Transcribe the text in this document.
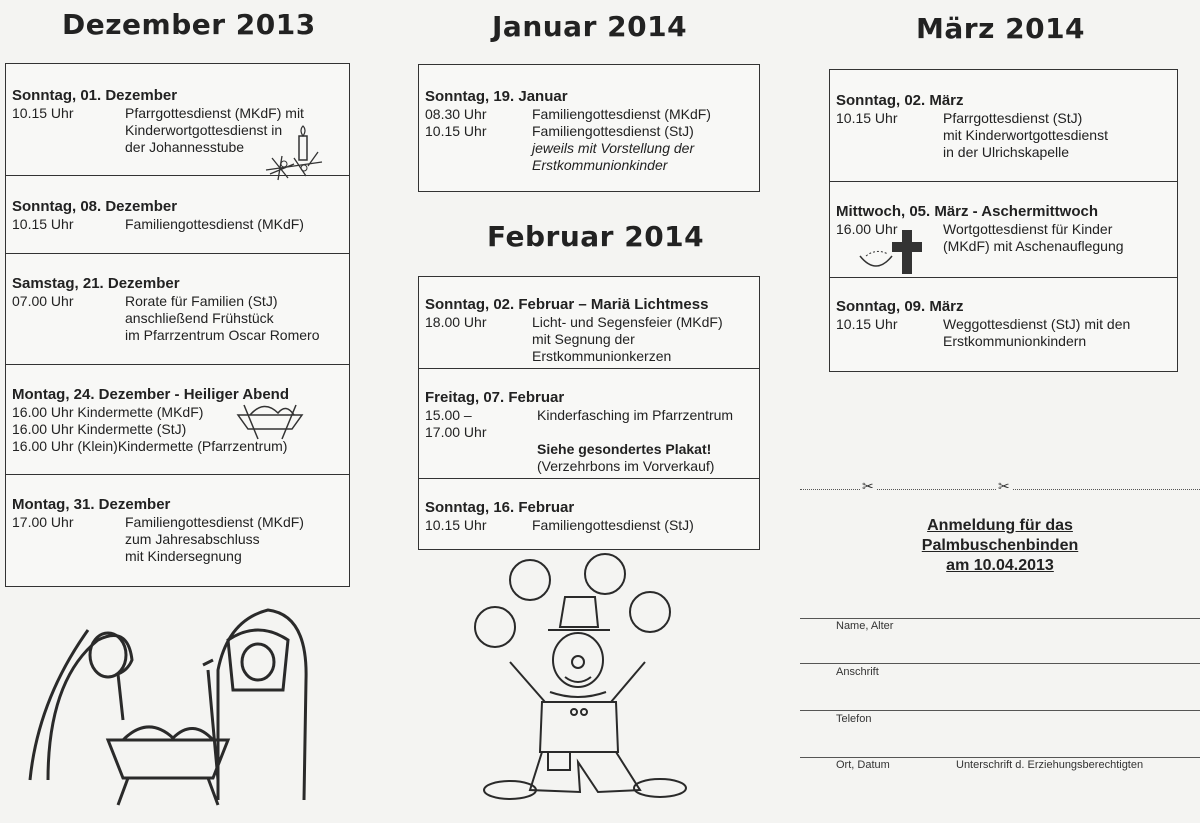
Dezember 2013	Januar 2014
Februar 2014
März 2014
Sonntag, 01. Dezember
10.15 Uhr	Pfarrgottesdienst (MKdF) mit
Kinderwortgottesdienst in
der Johannesstube
Sonntag, 08. Dezember
10.15 Uhr	Familiengottesdienst (MKdF)
Samstag, 21. Dezember
07.00 Uhr	Rorate für Familien (StJ)
anschließend Frühstück
im Pfarrzentrum Oscar Romero
Montag, 24. Dezember - Heiliger Abend
16.00 Uhr Kindermette (MKdF)
16.00 Uhr Kindermette (StJ)
16.00 Uhr (Klein)Kindermette (Pfarrzentrum)
Montag, 31. Dezember
17.00 Uhr	Familiengottesdienst (MKdF)
zum Jahresabschluss
mit Kindersegnung
Sonntag, 19. Januar
08.30 Uhr	Familiengottesdienst (MKdF)
10.15 Uhr	Familiengottesdienst (StJ)
jeweils mit Vorstellung der
Erstkommunionkinder
Sonntag, 02. Februar – Mariä Lichtmess
18.00 Uhr	Licht- und Segensfeier (MKdF)
mit Segnung der
Erstkommunionkerzen
Freitag, 07. Februar
15.00 –	Kinderfasching im Pfarrzentrum
17.00 Uhr
Siehe gesondertes Plakat!
(Verzehrbons im Vorverkauf)
Sonntag, 16. Februar
10.15 Uhr	Familiengottesdienst (StJ)
Sonntag, 02. März
10.15 Uhr	Pfarrgottesdienst (StJ)
mit Kinderwortgottesdienst
in der Ulrichskapelle
Mittwoch, 05. März - Aschermittwoch
16.00 Uhr	Wortgottesdienst für Kinder
(MKdF) mit Aschenauflegung
Sonntag, 09. März
10.15 Uhr	Weggottesdienst (StJ) mit den
Erstkommunionkindern
✂	✂
Anmeldung für das
Palmbuschenbinden
am 10.04.2013
Name, Alter
Anschrift
Telefon
Ort, Datum	Unterschrift d. Erziehungsberechtigten
